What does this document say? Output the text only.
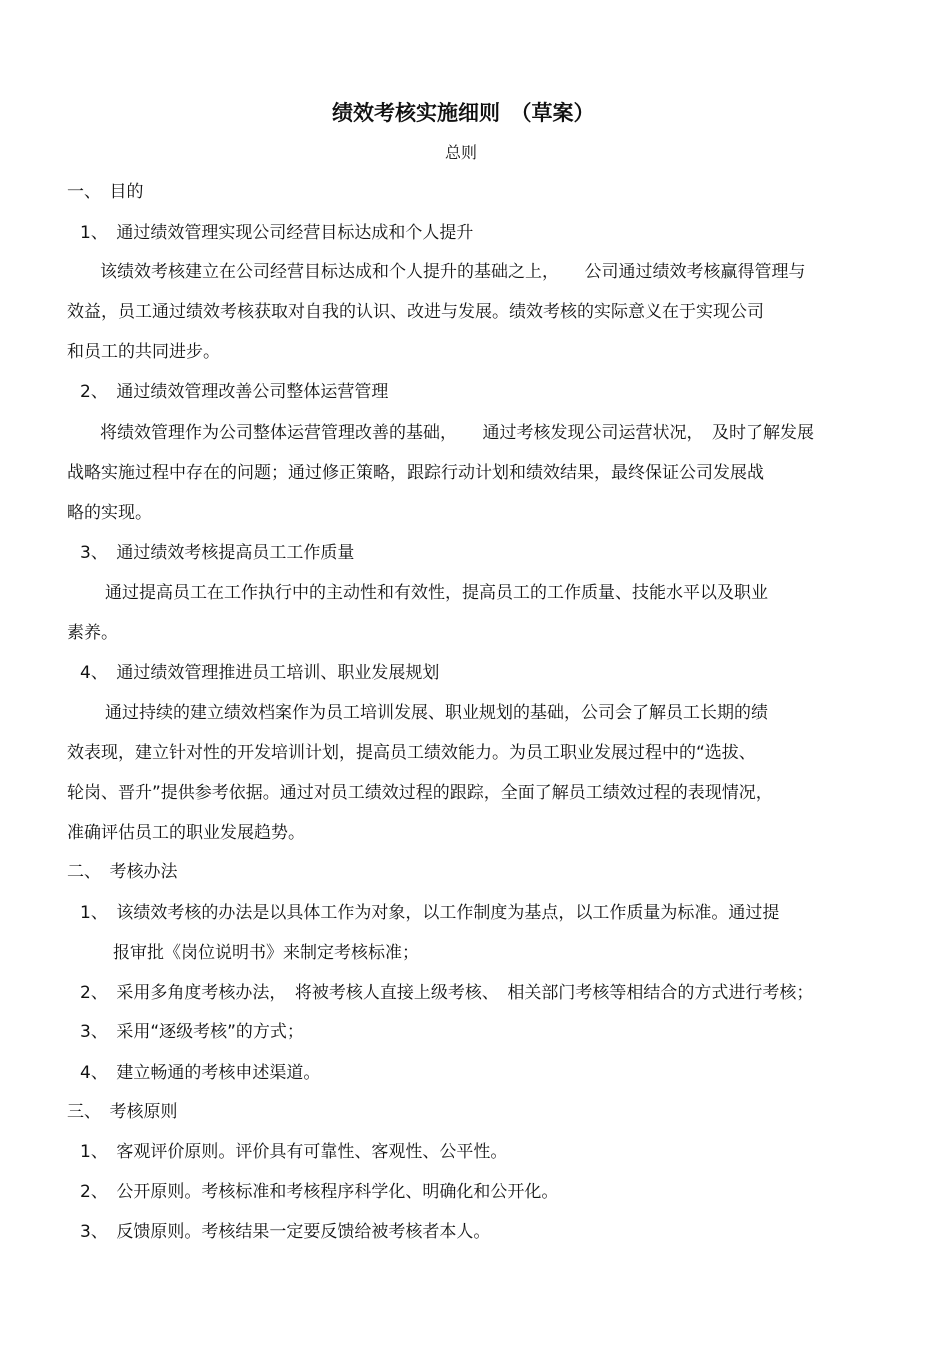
绩效考核实施细则　（草案）

总则

一、　目的

1、　通过绩效管理实现公司经营目标达成和个人提升

该绩效考核建立在公司经营目标达成和个人提升的基础之上，　　公司通过绩效考核赢得管理与

效益，员工通过绩效考核获取对自我的认识、改进与发展。绩效考核的实际意义在于实现公司

和员工的共同进步。

2、　通过绩效管理改善公司整体运营管理

将绩效管理作为公司整体运营管理改善的基础，　　通过考核发现公司运营状况，　及时了解发展

战略实施过程中存在的问题；通过修正策略，跟踪行动计划和绩效结果，最终保证公司发展战

略的实现。

3、　通过绩效考核提高员工工作质量

通过提高员工在工作执行中的主动性和有效性，提高员工的工作质量、技能水平以及职业

素养。

4、　通过绩效管理推进员工培训、职业发展规划

通过持续的建立绩效档案作为员工培训发展、职业规划的基础，公司会了解员工长期的绩

效表现，建立针对性的开发培训计划，提高员工绩效能力。为员工职业发展过程中的“选拔、

轮岗、晋升”提供参考依据。通过对员工绩效过程的跟踪，全面了解员工绩效过程的表现情况，

准确评估员工的职业发展趋势。

二、　考核办法

1、　该绩效考核的办法是以具体工作为对象，以工作制度为基点，以工作质量为标准。通过提

报审批《岗位说明书》来制定考核标准；

2、　采用多角度考核办法，　将被考核人直接上级考核、　相关部门考核等相结合的方式进行考核；

3、　采用“逐级考核”的方式；

4、　建立畅通的考核申述渠道。

三、　考核原则

1、　客观评价原则。评价具有可靠性、客观性、公平性。

2、　公开原则。考核标准和考核程序科学化、明确化和公开化。

3、　反馈原则。考核结果一定要反馈给被考核者本人。
